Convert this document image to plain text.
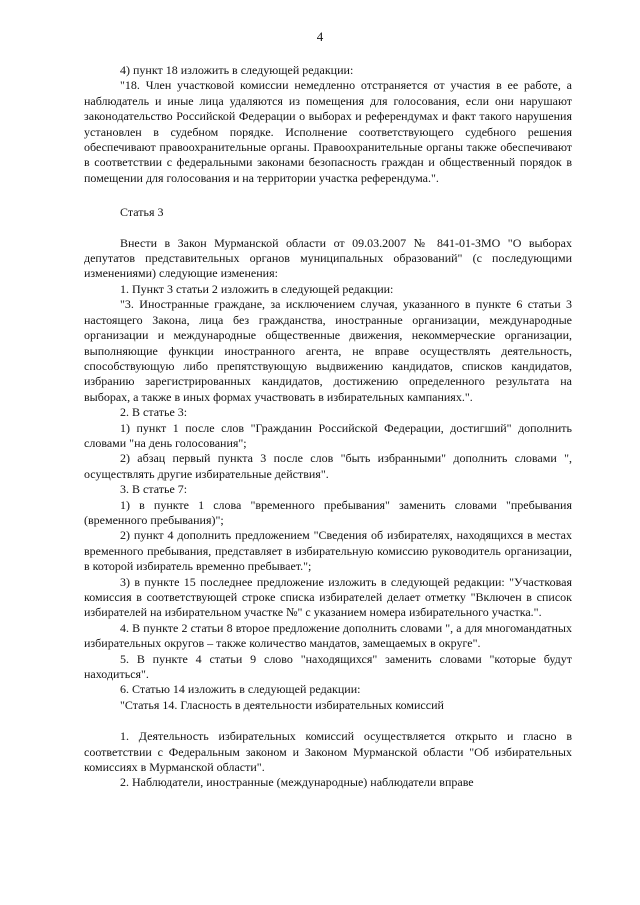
4

4) пункт 18 изложить в следующей редакции:

"18. Член участковой комиссии немедленно отстраняется от участия в ее работе, а наблюдатель и иные лица удаляются из помещения для голосования, если они нарушают законодательство Российской Федерации о выборах и референдумах и факт такого нарушения установлен в судебном порядке. Исполнение соответствующего судебного решения обеспечивают правоохранительные органы. Правоохранительные органы также обеспечивают в соответствии с федеральными законами безопасность граждан и общественный порядок в помещении для голосования и на территории участка референдума.".

Статья 3

Внести в Закон Мурманской области от 09.03.2007 № 841-01-ЗМО "О выборах депутатов представительных органов муниципальных образований" (с последующими изменениями) следующие изменения:

1. Пункт 3 статьи 2 изложить в следующей редакции:

"3. Иностранные граждане, за исключением случая, указанного в пункте 6 статьи 3 настоящего Закона, лица без гражданства, иностранные организации, международные организации и международные общественные движения, некоммерческие организации, выполняющие функции иностранного агента, не вправе осуществлять деятельность, способствующую либо препятствующую выдвижению кандидатов, списков кандидатов, избранию зарегистрированных кандидатов, достижению определенного результата на выборах, а также в иных формах участвовать в избирательных кампаниях.".

2. В статье 3:

1) пункт 1 после слов "Гражданин Российской Федерации, достигший" дополнить словами "на день голосования";

2) абзац первый пункта 3 после слов "быть избранными" дополнить словами ", осуществлять другие избирательные действия".

3. В статье 7:

1) в пункте 1 слова "временного пребывания" заменить словами "пребывания (временного пребывания)";

2) пункт 4 дополнить предложением "Сведения об избирателях, находящихся в местах временного пребывания, представляет в избирательную комиссию руководитель организации, в которой избиратель временно пребывает.";

3) в пункте 15 последнее предложение изложить в следующей редакции: "Участковая комиссия в соответствующей строке списка избирателей делает отметку "Включен в список избирателей на избирательном участке №" с указанием номера избирательного участка.".

4. В пункте 2 статьи 8 второе предложение дополнить словами ", а для многомандатных избирательных округов – также количество мандатов, замещаемых в округе".

5. В пункте 4 статьи 9 слово "находящихся" заменить словами "которые будут находиться".

6. Статью 14 изложить в следующей редакции:

"Статья 14. Гласность в деятельности избирательных комиссий

1. Деятельность избирательных комиссий осуществляется открыто и гласно в соответствии с Федеральным законом и Законом Мурманской области "Об избирательных комиссиях в Мурманской области".

2. Наблюдатели, иностранные (международные) наблюдатели вправе
